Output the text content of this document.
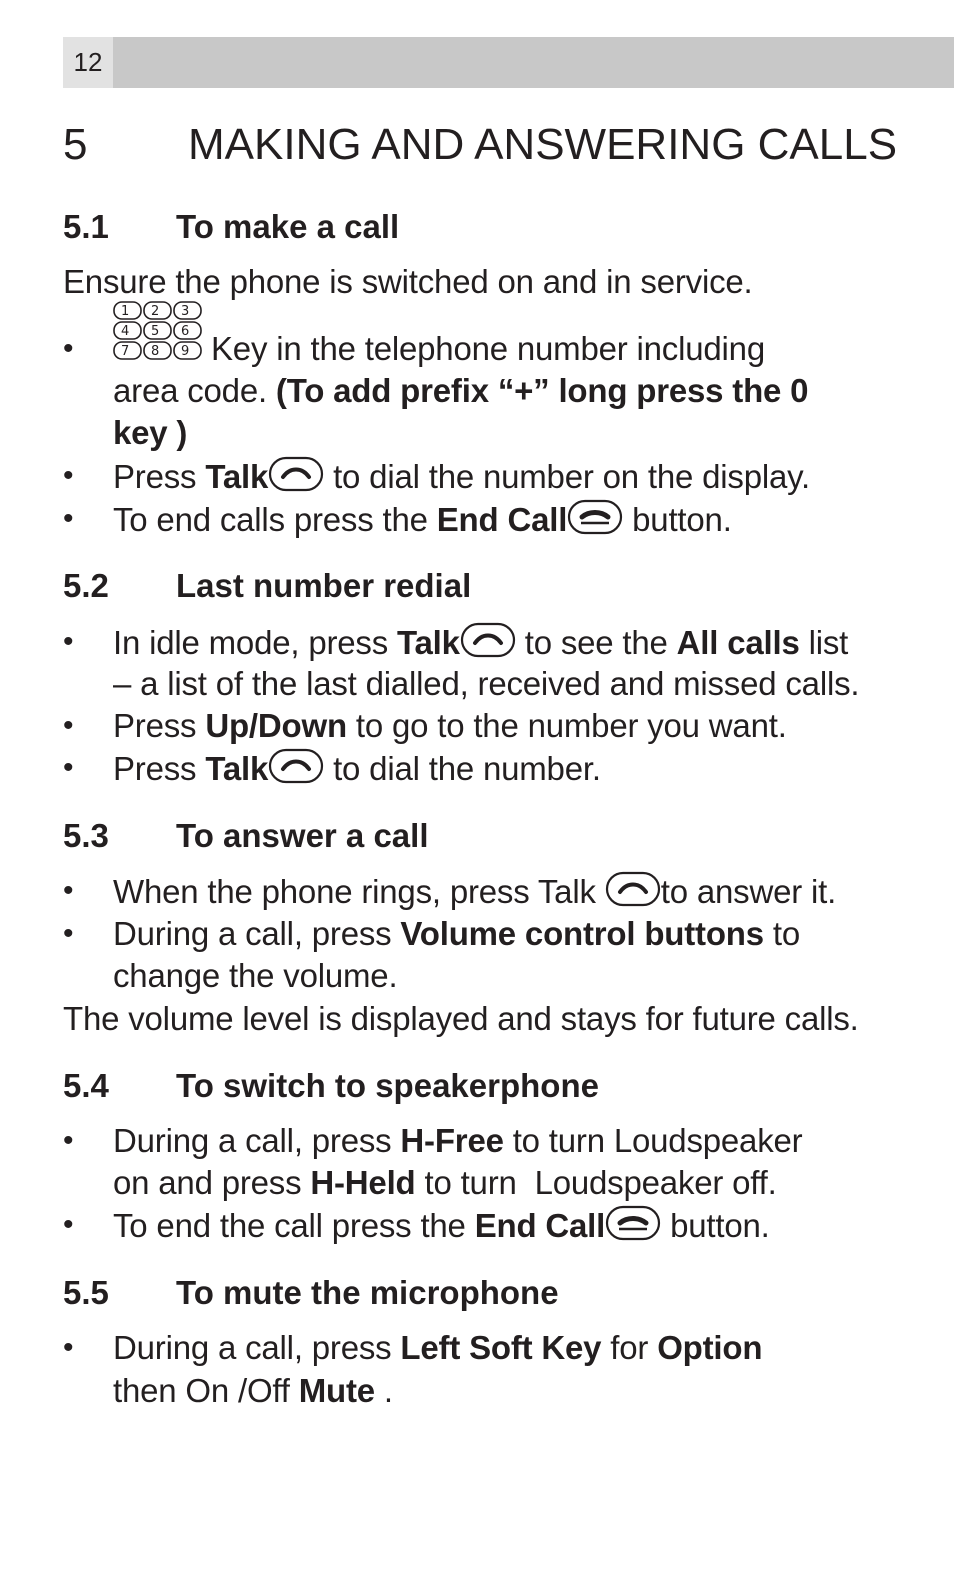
12
5 MAKING AND ANSWERING CALLS
5.1 To make a call
Ensure the phone is switched on and in service.
1 2 3
4 5 6
7 8 9
•	Key in the telephone number including
area code. (To add prefix “+” long press the 0
key )
• Press Talk to dial the number on the display.
• To end calls press the End Call button.
5.2 Last number redial
• In idle mode, press Talk to see the All calls list
– a list of the last dialled, received and missed calls.
• Press Up/Down to go to the number you want.
• Press Talk to dial the number.
5.3 To answer a call
• When the phone rings, press Talk to answer it.
• During a call, press Volume control buttons to
change the volume.
The volume level is displayed and stays for future calls.
5.4 To switch to speakerphone
• During a call, press H-Free to turn Loudspeaker
on and press H-Held to turn  Loudspeaker off.
• To end the call press the End Call button.
5.5 To mute the microphone
• During a call, press Left Soft Key for Option
then On /Off Mute .
